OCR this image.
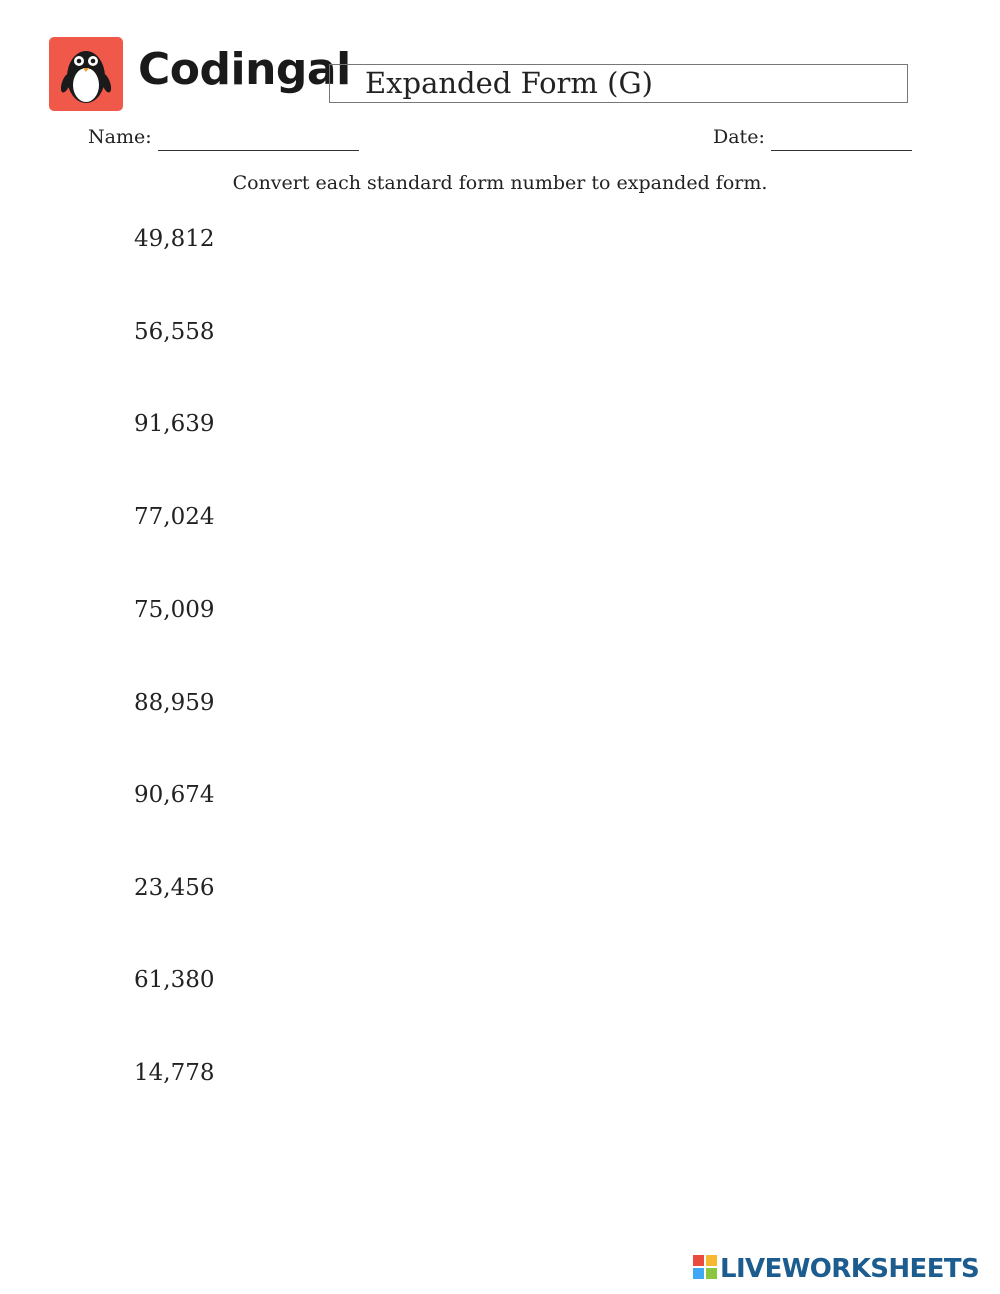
Codingal Expanded Form (G)
Name:	Date:
Convert each standard form number to expanded form.
49,812
56,558
91,639
77,024
75,009
88,959
90,674
23,456
61,380
14,778
LIVEWORKSHEETS
